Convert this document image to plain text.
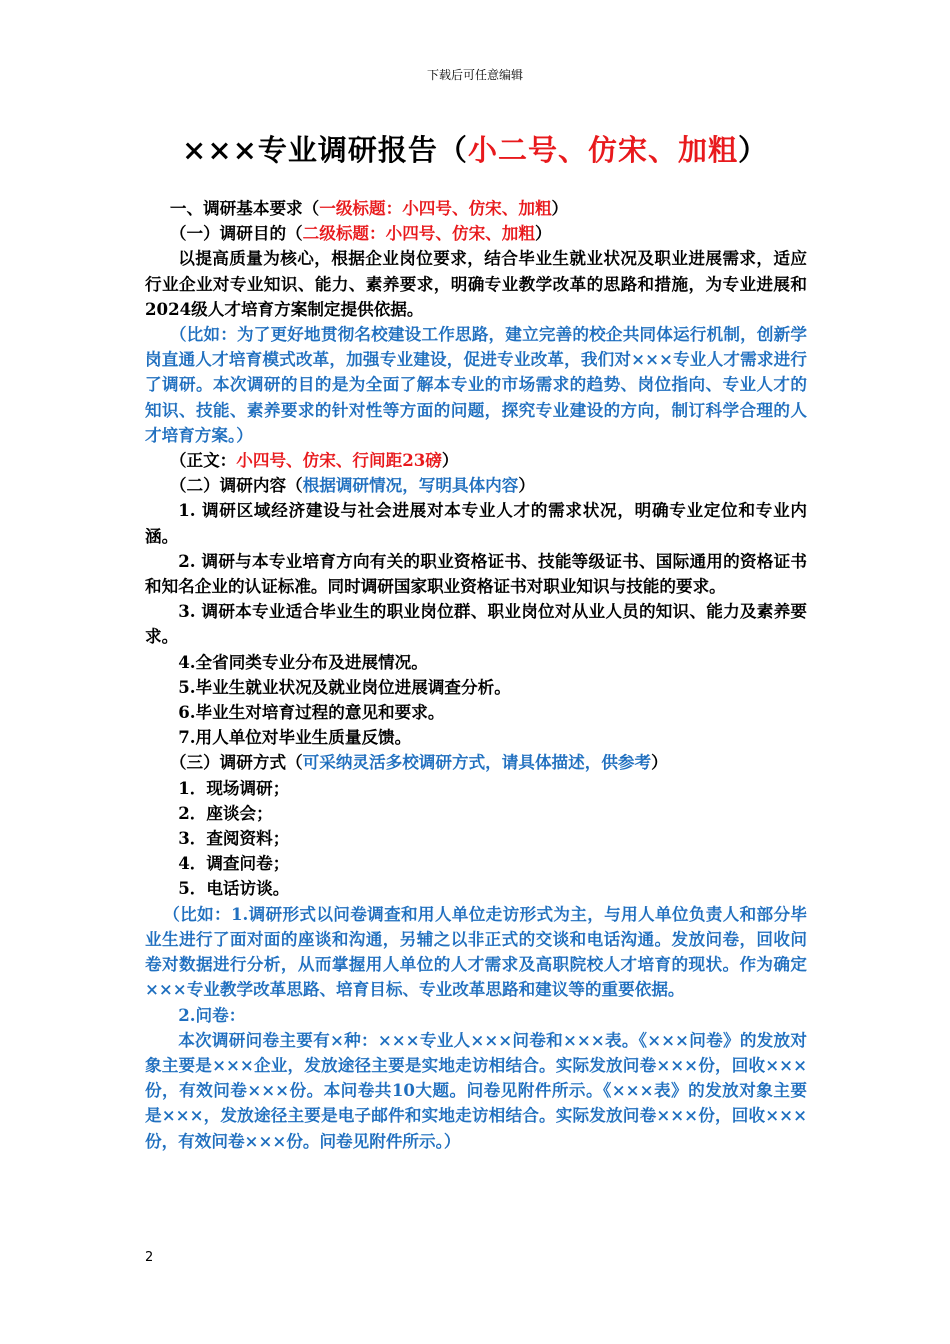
下载后可任意编辑
×××专业调研报告（小二号、仿宋、加粗）

一、调研基本要求（一级标题：小四号、仿宋、加粗）

（一）调研目的（二级标题：小四号、仿宋、加粗）

以提高质量为核心，根据企业岗位要求，结合毕业生就业状况及职业进展需求，适应行业企业对专业知识、能力、素养要求，明确专业教学改革的思路和措施，为专业进展和2024级人才培育方案制定提供依据。

（比如：为了更好地贯彻名校建设工作思路，建立完善的校企共同体运行机制，创新学岗直通人才培育模式改革，加强专业建设，促进专业改革，我们对×××专业人才需求进行了调研。本次调研的目的是为全面了解本专业的市场需求的趋势、岗位指向、专业人才的知识、技能、素养要求的针对性等方面的问题，探究专业建设的方向，制订科学合理的人才培育方案。）

（正文：小四号、仿宋、行间距23磅）

（二）调研内容（根据调研情况，写明具体内容）

1. 调研区域经济建设与社会进展对本专业人才的需求状况，明确专业定位和专业内涵。

2. 调研与本专业培育方向有关的职业资格证书、技能等级证书、国际通用的资格证书和知名企业的认证标准。同时调研国家职业资格证书对职业知识与技能的要求。

3. 调研本专业适合毕业生的职业岗位群、职业岗位对从业人员的知识、能力及素养要求。

4.全省同类专业分布及进展情况。

5.毕业生就业状况及就业岗位进展调查分析。

6.毕业生对培育过程的意见和要求。

7.用人单位对毕业生质量反馈。

（三）调研方式（可采纳灵活多校调研方式，请具体描述，供参考）

1．现场调研；

2．座谈会；

3．查阅资料；

4．调查问卷；

5．电话访谈。

（比如：1.调研形式以问卷调查和用人单位走访形式为主，与用人单位负责人和部分毕业生进行了面对面的座谈和沟通，另辅之以非正式的交谈和电话沟通。发放问卷，回收问卷对数据进行分析，从而掌握用人单位的人才需求及高职院校人才培育的现状。作为确定×××专业教学改革思路、培育目标、专业改革思路和建议等的重要依据。

2.问卷：

本次调研问卷主要有×种：×××专业人×××问卷和×××表。《×××问卷》的发放对象主要是×××企业，发放途径主要是实地走访相结合。实际发放问卷×××份，回收×××份，有效问卷×××份。本问卷共10大题。问卷见附件所示。《×××表》的发放对象主要是×××，发放途径主要是电子邮件和实地走访相结合。实际发放问卷×××份，回收×××份，有效问卷×××份。问卷见附件所示。）

2
